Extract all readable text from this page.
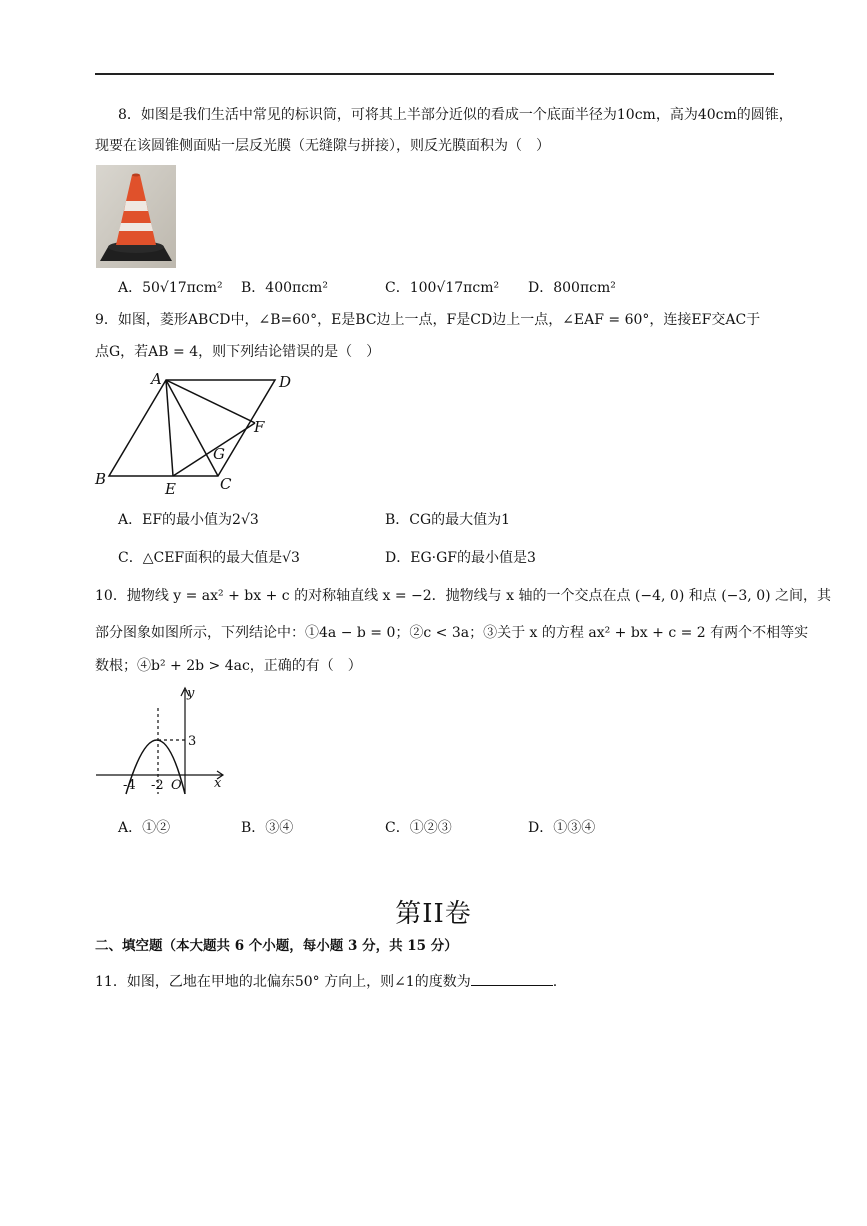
8．如图是我们生活中常见的标识筒，可将其上半部分近似的看成一个底面半径为10cm，高为40cm的圆锥，
现要在该圆锥侧面贴一层反光膜（无缝隙与拼接），则反光膜面积为（　）
A．50√17πcm² B．400πcm²	C．100√17πcm² D．800πcm²
9．如图，菱形ABCD中，∠B=60°，E是BC边上一点，F是CD边上一点，∠EAF = 60°，连接EF交AC于
点G，若AB = 4，则下列结论错误的是（　）
A	D
F
G
B
E	C
A．EF的最小值为2√3	B．CG的最大值为1
C．△CEF面积的最大值是√3	D．EG·GF的最小值是3
10．抛物线 y = ax² + bx + c 的对称轴直线 x = −2．抛物线与 x 轴的一个交点在点 (−4, 0) 和点 (−3, 0) 之间，其
部分图象如图所示，下列结论中：①4a − b = 0；②c < 3a；③关于 x 的方程 ax² + bx + c = 2 有两个不相等实
数根；④b² + 2b > 4ac，正确的有（　）
y
x
3
-4 -2 O
A．①②	B．③④	C．①②③	D．①③④
第II卷
二、填空题（本大题共 6 个小题，每小题 3 分，共 15 分）
11．如图，乙地在甲地的北偏东50° 方向上，则∠1的度数为	.
